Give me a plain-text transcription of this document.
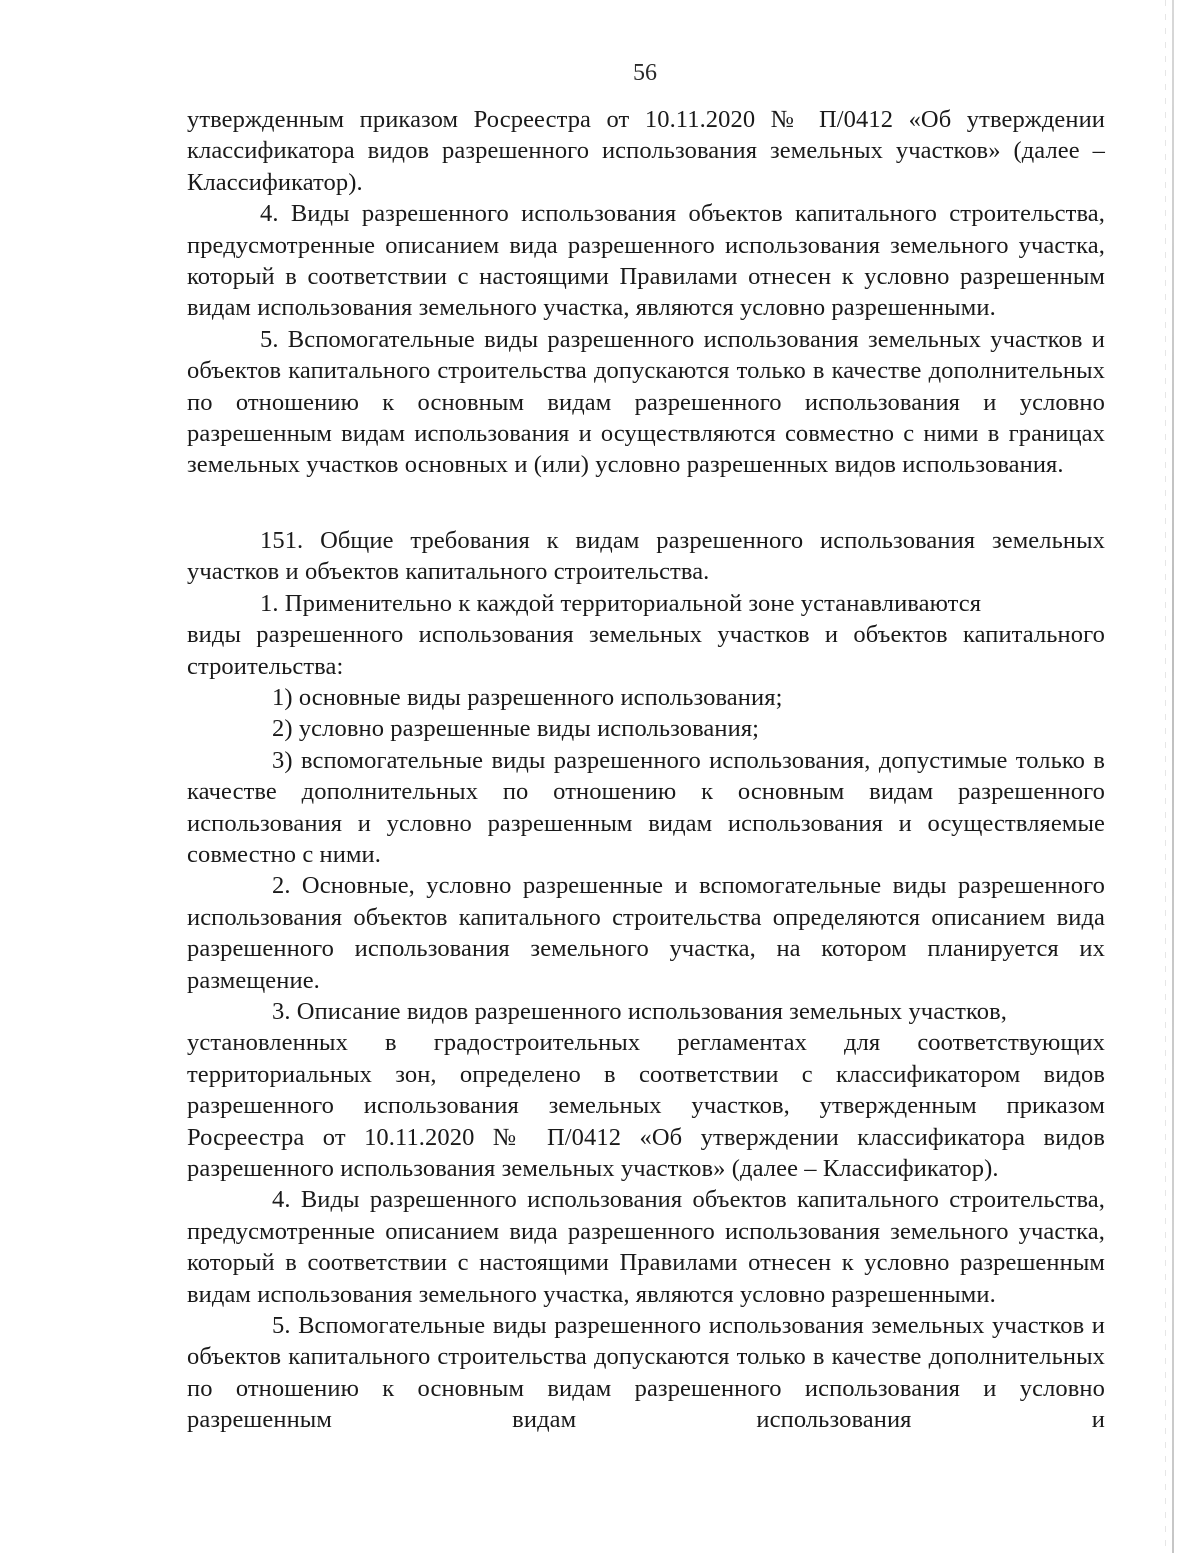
56

утвержденным приказом Росреестра от 10.11.2020 № П/0412 «Об утверждении классификатора видов разрешенного использования земельных участков» (далее – Классификатор).

4. Виды разрешенного использования объектов капитального строительства, предусмотренные описанием вида разрешенного использования земельного участка, который в соответствии с настоящими Правилами отнесен к условно разрешенным видам использования земельного участка, являются условно разрешенными.

5. Вспомогательные виды разрешенного использования земельных участков и объектов капитального строительства допускаются только в качестве дополнительных по отношению к основным видам разрешенного использования и условно разрешенным видам использования и осуществляются совместно с ними в границах земельных участков основных и (или) условно разрешенных видов использования.

151. Общие требования к видам разрешенного использования земельных участков и объектов капитального строительства.

1. Применительно к каждой территориальной зоне устанавливаются

виды разрешенного использования земельных участков и объектов капитального строительства:

1) основные виды разрешенного использования;

2) условно разрешенные виды использования;

3) вспомогательные виды разрешенного использования, допустимые только в качестве дополнительных по отношению к основным видам разрешенного использования и условно разрешенным видам использования и осуществляемые совместно с ними.

2. Основные, условно разрешенные и вспомогательные виды разрешенного использования объектов капитального строительства определяются описанием вида разрешенного использования земельного участка, на котором планируется их размещение.

3. Описание видов разрешенного использования земельных участков,

установленных в градостроительных регламентах для соответствующих территориальных зон, определено в соответствии с классификатором видов разрешенного использования земельных участков, утвержденным приказом Росреестра от 10.11.2020 № П/0412 «Об утверждении классификатора видов разрешенного использования земельных участков» (далее – Классификатор).

4. Виды разрешенного использования объектов капитального строительства, предусмотренные описанием вида разрешенного использования земельного участка, который в соответствии с настоящими Правилами отнесен к условно разрешенным видам использования земельного участка, являются условно разрешенными.

5. Вспомогательные виды разрешенного использования земельных участков и объектов капитального строительства допускаются только в качестве дополнительных по отношению к основным видам разрешенного использования и условно разрешенным видам использования и
